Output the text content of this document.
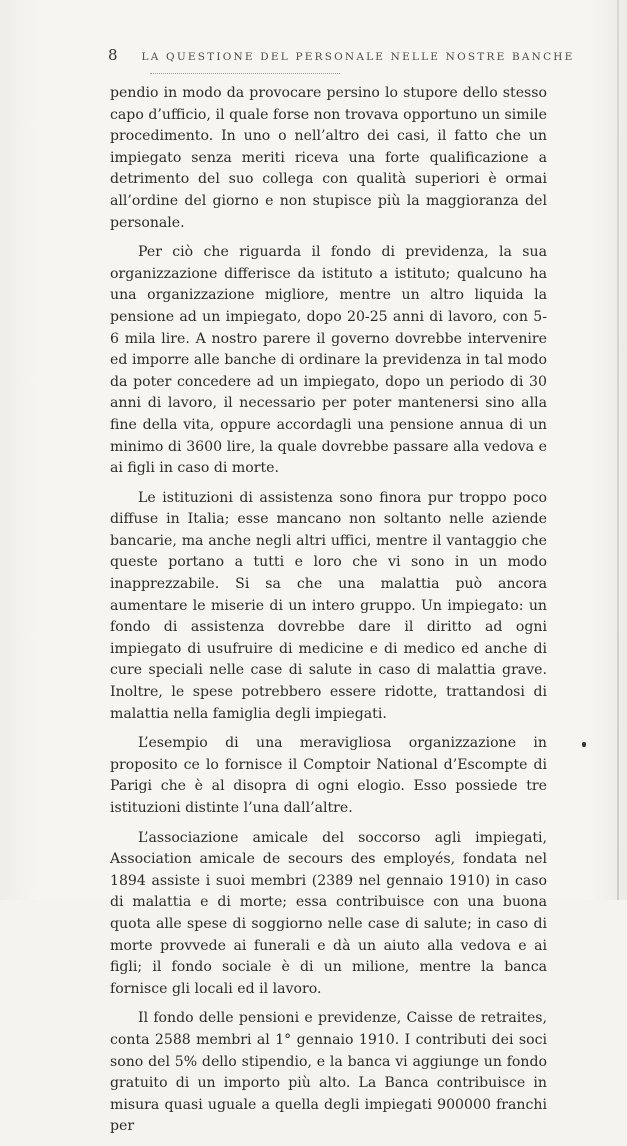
8 LA QUESTIONE DEL PERSONALE NELLE NOSTRE BANCHE

pendio in modo da provocare persino lo stupore dello stesso capo d’ufficio, il quale forse non trovava opportuno un simile procedimento. In uno o nell’altro dei casi, il fatto che un impiegato senza meriti riceva una forte qualificazione a detrimento del suo collega con qualità superiori è ormai all’ordine del giorno e non stupisce più la maggioranza del personale.

Per ciò che riguarda il fondo di previdenza, la sua organizzazione differisce da istituto a istituto; qualcuno ha una organizzazione migliore, mentre un altro liquida la pensione ad un impiegato, dopo 20-25 anni di lavoro, con 5-6 mila lire. A nostro parere il governo dovrebbe intervenire ed imporre alle banche di ordinare la previdenza in tal modo da poter concedere ad un impiegato, dopo un periodo di 30 anni di lavoro, il necessario per poter mantenersi sino alla fine della vita, oppure accordagli una pensione annua di un minimo di 3600 lire, la quale dovrebbe passare alla vedova e ai figli in caso di morte.

Le istituzioni di assistenza sono finora pur troppo poco diffuse in Italia; esse mancano non soltanto nelle aziende bancarie, ma anche negli altri uffici, mentre il vantaggio che queste portano a tutti e loro che vi sono in un modo inapprezzabile. Si sa che una malattia può ancora aumentare le miserie di un intero gruppo. Un impiegato: un fondo di assistenza dovrebbe dare il diritto ad ogni impiegato di usufruire di medicine e di medico ed anche di cure speciali nelle case di salute in caso di malattia grave. Inoltre, le spese potrebbero essere ridotte, trattandosi di malattia nella famiglia degli impiegati.

L’esempio di una meravigliosa organizzazione in proposito ce lo fornisce il Comptoir National d’Escompte di Parigi che è al disopra di ogni elogio. Esso possiede tre istituzioni distinte l’una dall’altre.

L’associazione amicale del soccorso agli impiegati, Association amicale de secours des employés, fondata nel 1894 assiste i suoi membri (2389 nel gennaio 1910) in caso di malattia e di morte; essa contribuisce con una buona quota alle spese di soggiorno nelle case di salute; in caso di morte provvede ai funerali e dà un aiuto alla vedova e ai figli; il fondo sociale è di un milione, mentre la banca fornisce gli locali ed il lavoro.

Il fondo delle pensioni e previdenze, Caisse de retraites, conta 2588 membri al 1° gennaio 1910. I contributi dei soci sono del 5% dello stipendio, e la banca vi aggiunge un fondo gratuito di un importo più alto. La Banca contribuisce in misura quasi uguale a quella degli impiegati 900000 franchi per
